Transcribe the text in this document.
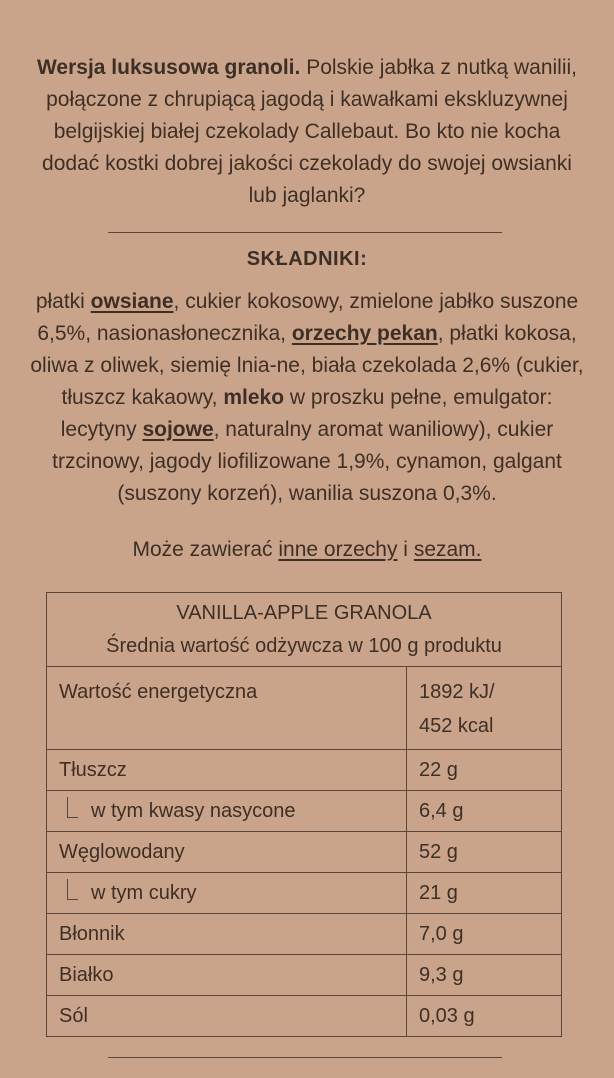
Wersja luksusowa granoli. Polskie jabłka z nutką wanilii, połączone z chrupiącą jagodą i kawałkami ekskluzywnej belgijskiej białej czekolady Callebaut. Bo kto nie kocha dodać kostki dobrej jakości czekolady do swojej owsianki lub jaglanki?
SKŁADNIKI:
płatki owsiane, cukier kokosowy, zmielone jabłko suszone 6,5%, nasionasłonecznika, orzechy pekan, płatki kokosa, oliwa z oliwek, siemię lnia-ne, biała czekolada 2,6% (cukier, tłuszcz kakaowy, mleko w proszku pełne, emulgator: lecytyny sojowe, naturalny aromat waniliowy), cukier trzcinowy, jagody liofilizowane 1,9%, cynamon, galgant (suszony korzeń), wanilia suszona 0,3%.
Może zawierać inne orzechy i sezam.
VANILLA-APPLE GRANOLA
Średnia wartość odżywcza w 100 g produktu	

Wartość energetyczna	1892 kJ/
452 kcal

Tłuszcz	22 g

w tym kwasy nasycone	6,4 g
Węglowodany	52 g

w tym cukry	21 g
Błonnik	7,0 g
Białko	9,3 g
Sól	0,03 g
